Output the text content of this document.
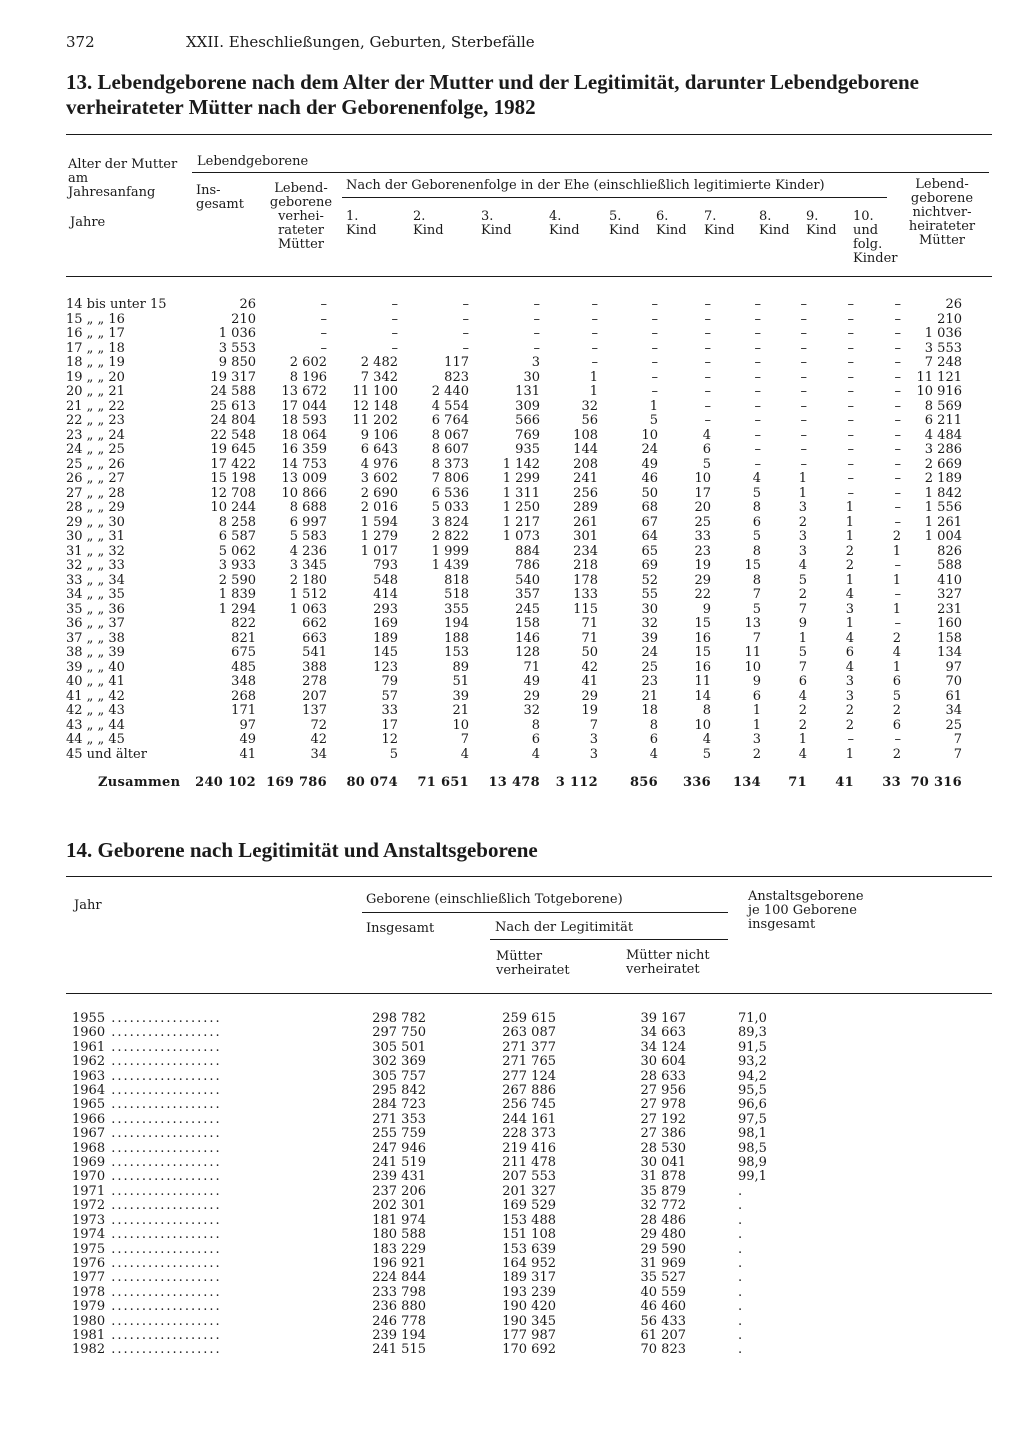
372	XXII. Eheschließungen, Geburten, Sterbefälle
13. Lebendgeborene nach dem Alter der Mutter und der Legitimität, darunter Lebendgeborene verheirateter Mütter nach der Geborenenfolge, 1982
Alter der Mutter am Jahresanfang
Jahre
Lebendgeborene
Ins- gesamt
Lebend- geborene verhei- rateter Mütter
Nach der Geborenenfolge in der Ehe (einschließlich legitimierte Kinder)	Lebend- geborene nichtver- heirateter Mütter
1. Kind
2. Kind
3. Kind
4. Kind
5. Kind
6. Kind
7. Kind
8. Kind
9. Kind
10. und folg. Kinder
14 bis unter 15	26	–	–	–	–	–	–	–	–	–	–	–	26
15 „ „ 16	210	–	–	–	–	–	–	–	–	–	–	–	210
16 „ „ 17	1 036	–	–	–	–	–	–	–	–	–	–	–	1 036
17 „ „ 18	3 553	–	–	–	–	–	–	–	–	–	–	–	3 553
18 „ „ 19	9 850	2 602	2 482	117	3	–	–	–	–	–	–	–	7 248
19 „ „ 20	19 317	8 196	7 342	823	30	1	–	–	–	–	–	–	11 121
20 „ „ 21	24 588	13 672	11 100	2 440	131	1	–	–	–	–	–	–	10 916
21 „ „ 22	25 613	17 044	12 148	4 554	309	32	1	–	–	–	–	–	8 569
22 „ „ 23	24 804	18 593	11 202	6 764	566	56	5	–	–	–	–	–	6 211
23 „ „ 24	22 548	18 064	9 106	8 067	769	108	10	4	–	–	–	–	4 484
24 „ „ 25	19 645	16 359	6 643	8 607	935	144	24	6	–	–	–	–	3 286
25 „ „ 26	17 422	14 753	4 976	8 373	1 142	208	49	5	–	–	–	–	2 669
26 „ „ 27	15 198	13 009	3 602	7 806	1 299	241	46	10	4	1	–	–	2 189
27 „ „ 28	12 708	10 866	2 690	6 536	1 311	256	50	17	5	1	–	–	1 842
28 „ „ 29	10 244	8 688	2 016	5 033	1 250	289	68	20	8	3	1	–	1 556
29 „ „ 30	8 258	6 997	1 594	3 824	1 217	261	67	25	6	2	1	–	1 261
30 „ „ 31	6 587	5 583	1 279	2 822	1 073	301	64	33	5	3	1	2	1 004
31 „ „ 32	5 062	4 236	1 017	1 999	884	234	65	23	8	3	2	1	826
32 „ „ 33	3 933	3 345	793	1 439	786	218	69	19	15	4	2	–	588
33 „ „ 34	2 590	2 180	548	818	540	178	52	29	8	5	1	1	410
34 „ „ 35	1 839	1 512	414	518	357	133	55	22	7	2	4	–	327
35 „ „ 36	1 294	1 063	293	355	245	115	30	9	5	7	3	1	231
36 „ „ 37	822	662	169	194	158	71	32	15	13	9	1	–	160
37 „ „ 38	821	663	189	188	146	71	39	16	7	1	4	2	158
38 „ „ 39	675	541	145	153	128	50	24	15	11	5	6	4	134
39 „ „ 40	485	388	123	89	71	42	25	16	10	7	4	1	97
40 „ „ 41	348	278	79	51	49	41	23	11	9	6	3	6	70
41 „ „ 42	268	207	57	39	29	29	21	14	6	4	3	5	61
42 „ „ 43	171	137	33	21	32	19	18	8	1	2	2	2	34
43 „ „ 44	97	72	17	10	8	7	8	10	1	2	2	6	25
44 „ „ 45	49	42	12	7	6	3	6	4	3	1	–	–	7
45 und älter	41	34	5	4	4	3	4	5	2	4	1	2	7
Zusammen	240 102	169 786	80 074	71 651	13 478	3 112	856	336	134	71	41	33	70 316
14. Geborene nach Legitimität und Anstaltsgeborene
Jahr	Geborene (einschließlich Totgeborene)
Insgesamt	Nach der Legitimität
Mütter verheiratet
Mütter nicht verheiratet
Anstaltsgeborene je 100 Geborene insgesamt
1955 ..................	298 782	259 615	39 167	71,0
1960 ..................	297 750	263 087	34 663	89,3
1961 ..................	305 501	271 377	34 124	91,5
1962 ..................	302 369	271 765	30 604	93,2
1963 ..................	305 757	277 124	28 633	94,2
1964 ..................	295 842	267 886	27 956	95,5
1965 ..................	284 723	256 745	27 978	96,6
1966 ..................	271 353	244 161	27 192	97,5
1967 ..................	255 759	228 373	27 386	98,1
1968 ..................	247 946	219 416	28 530	98,5
1969 ..................	241 519	211 478	30 041	98,9
1970 ..................	239 431	207 553	31 878	99,1
1971 ..................	237 206	201 327	35 879	.
1972 ..................	202 301	169 529	32 772	.
1973 ..................	181 974	153 488	28 486	.
1974 ..................	180 588	151 108	29 480	.
1975 ..................	183 229	153 639	29 590	.
1976 ..................	196 921	164 952	31 969	.
1977 ..................	224 844	189 317	35 527	.
1978 ..................	233 798	193 239	40 559	.
1979 ..................	236 880	190 420	46 460	.
1980 ..................	246 778	190 345	56 433	.
1981 ..................	239 194	177 987	61 207	.
1982 ..................	241 515	170 692	70 823	.
